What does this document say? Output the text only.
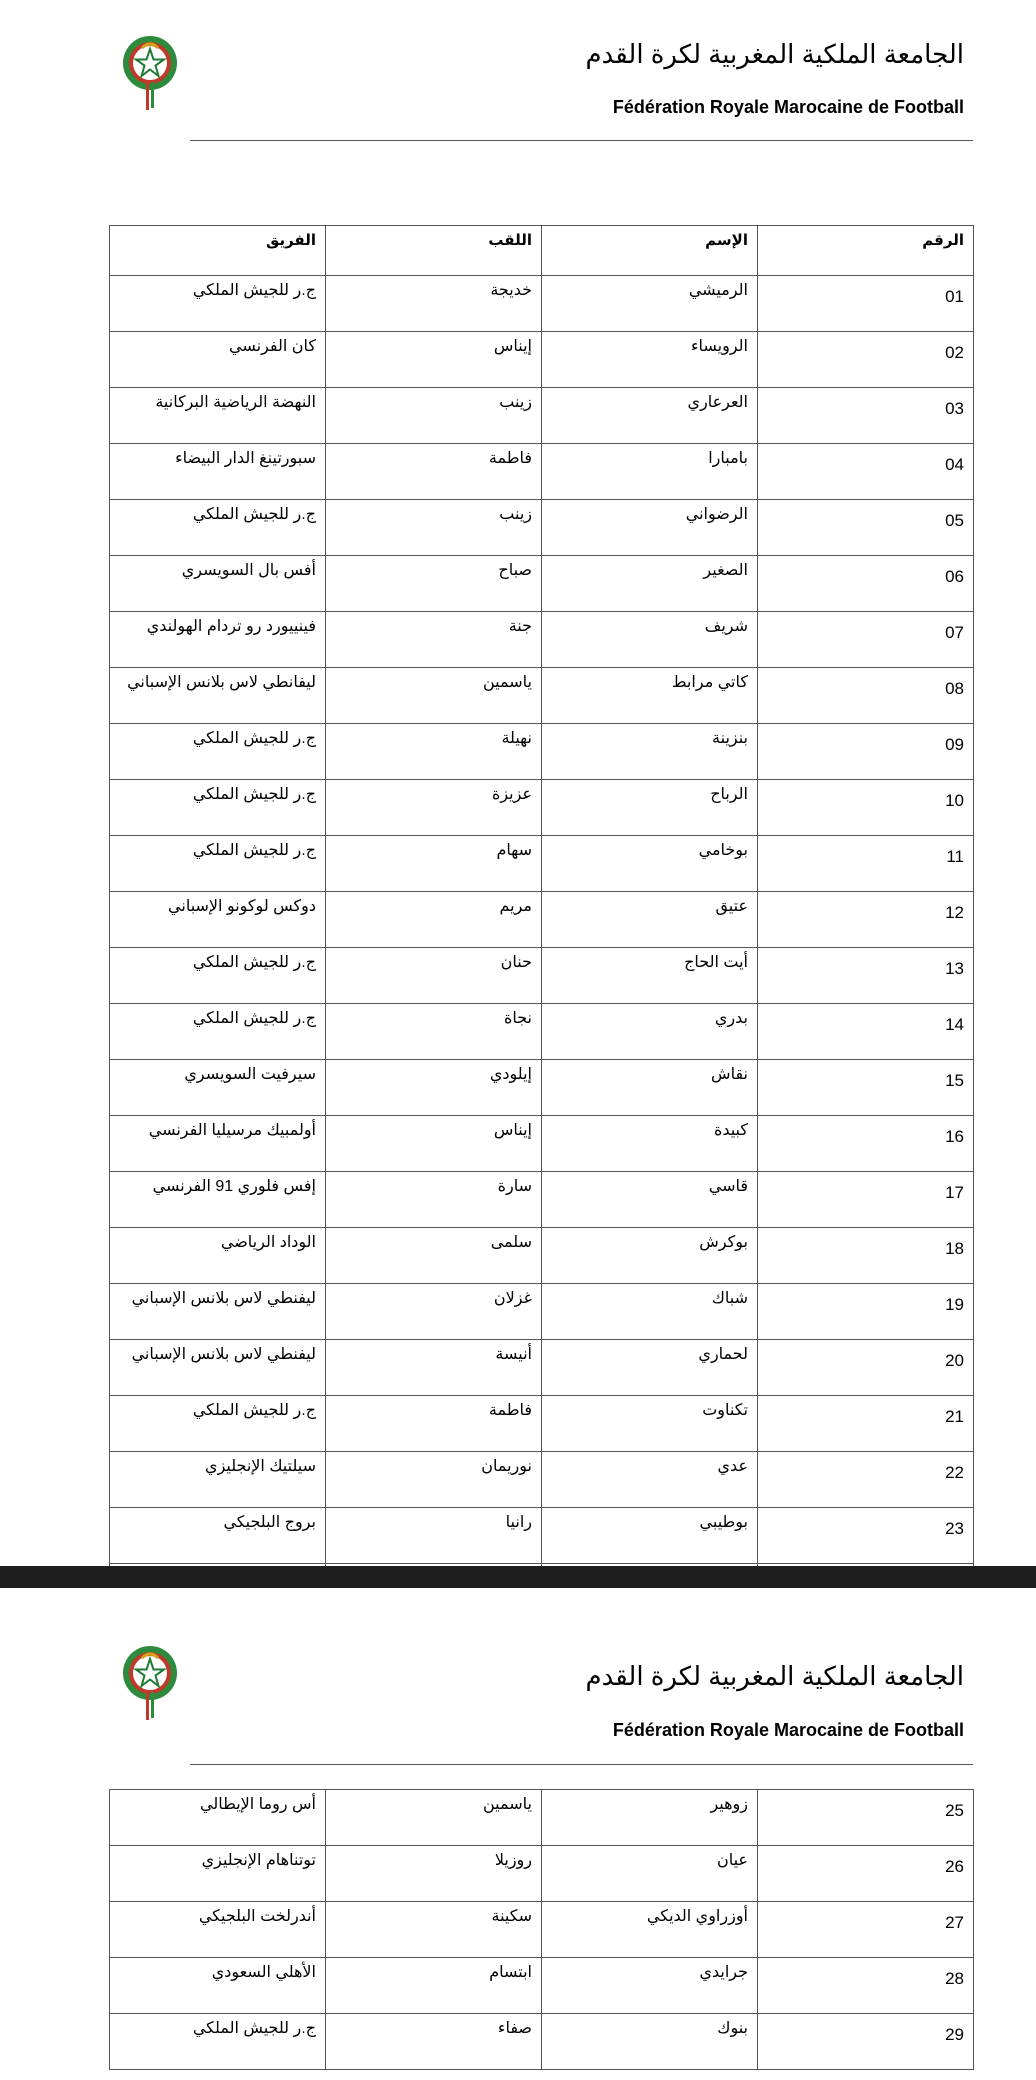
الجامعة الملكية المغربية لكرة القدم
Fédération Royale Marocaine de Football
الرقم	الإسم	اللقب	الفريق
01	الرميشي	خديجة	ج.ر للجيش الملكي
02	الرويساء	إيناس	كان الفرنسي
03	العرعاري	زينب	النهضة الرياضية البركانية
04	بامبارا	فاطمة	سبورتينغ الدار البيضاء
05	الرضواني	زينب	ج.ر للجيش الملكي
06	الصغير	صباح	أفس بال السويسري
07	شريف	جنة	فينييورد رو تردام الهولندي
08	كاتي مرابط	ياسمين	ليفانطي لاس بلانس الإسباني
09	بنزينة	نهيلة	ج.ر للجيش الملكي
10	الرباح	عزيزة	ج.ر للجيش الملكي
11	بوخامي	سهام	ج.ر للجيش الملكي
12	عتيق	مريم	دوكس لوكونو الإسباني
13	أيت الحاج	حنان	ج.ر للجيش الملكي
14	بدري	نجاة	ج.ر للجيش الملكي
15	نقاش	إيلودي	سيرفيت السويسري
16	كبيدة	إيناس	أولمبيك مرسيليا الفرنسي
17	قاسي	سارة	إفس فلوري 91 الفرنسي
18	بوكرش	سلمى	الوداد الرياضي
19	شباك	غزلان	ليفنطي لاس بلانس الإسباني
20	لحماري	أنيسة	ليفنطي لاس بلانس الإسباني
21	تكناوت	فاطمة	ج.ر للجيش الملكي
22	عدي	نوريمان	سيلتيك الإنجليزي
23	بوطيبي	رانيا	بروج البلجيكي

الجامعة الملكية المغربية لكرة القدم
Fédération Royale Marocaine de Football
25	زوهير	ياسمين	أس روما الإيطالي
26	عيان	روزيلا	توتناهام الإنجليزي
27	أوزراوي الديكي	سكينة	أندرلخت البلجيكي
28	جرايدي	ابتسام	الأهلي السعودي
29	بنوك	صفاء	ج.ر للجيش الملكي
